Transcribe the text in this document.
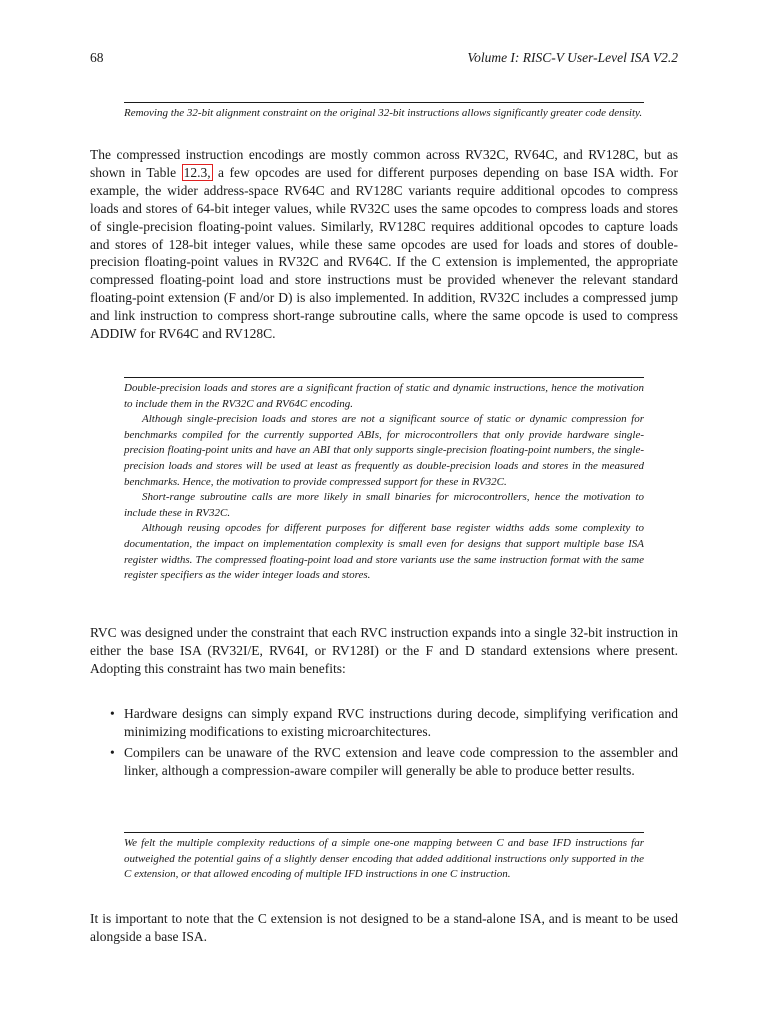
68	Volume I: RISC-V User-Level ISA V2.2

Removing the 32-bit alignment constraint on the original 32-bit instructions allows significantly greater code density.

The compressed instruction encodings are mostly common across RV32C, RV64C, and RV128C, but as shown in Table 12.3, a few opcodes are used for different purposes depending on base ISA width. For example, the wider address-space RV64C and RV128C variants require additional opcodes to compress loads and stores of 64-bit integer values, while RV32C uses the same opcodes to compress loads and stores of single-precision floating-point values. Similarly, RV128C requires additional opcodes to capture loads and stores of 128-bit integer values, while these same opcodes are used for loads and stores of double-precision floating-point values in RV32C and RV64C. If the C extension is implemented, the appropriate compressed floating-point load and store instructions must be provided whenever the relevant standard floating-point extension (F and/or D) is also implemented. In addition, RV32C includes a compressed jump and link instruction to compress short-range subroutine calls, where the same opcode is used to compress ADDIW for RV64C and RV128C.

Double-precision loads and stores are a significant fraction of static and dynamic instructions, hence the motivation to include them in the RV32C and RV64C encoding.

Although single-precision loads and stores are not a significant source of static or dynamic compression for benchmarks compiled for the currently supported ABIs, for microcontrollers that only provide hardware single-precision floating-point units and have an ABI that only supports single-precision floating-point numbers, the single-precision loads and stores will be used at least as frequently as double-precision loads and stores in the measured benchmarks. Hence, the motivation to provide compressed support for these in RV32C.

Short-range subroutine calls are more likely in small binaries for microcontrollers, hence the motivation to include these in RV32C.

Although reusing opcodes for different purposes for different base register widths adds some complexity to documentation, the impact on implementation complexity is small even for designs that support multiple base ISA register widths. The compressed floating-point load and store variants use the same instruction format with the same register specifiers as the wider integer loads and stores.

RVC was designed under the constraint that each RVC instruction expands into a single 32-bit instruction in either the base ISA (RV32I/E, RV64I, or RV128I) or the F and D standard extensions where present. Adopting this constraint has two main benefits:

• Hardware designs can simply expand RVC instructions during decode, simplifying verification and minimizing modifications to existing microarchitectures.
• Compilers can be unaware of the RVC extension and leave code compression to the assembler and linker, although a compression-aware compiler will generally be able to produce better results.

We felt the multiple complexity reductions of a simple one-one mapping between C and base IFD instructions far outweighed the potential gains of a slightly denser encoding that added additional instructions only supported in the C extension, or that allowed encoding of multiple IFD instructions in one C instruction.

It is important to note that the C extension is not designed to be a stand-alone ISA, and is meant to be used alongside a base ISA.
